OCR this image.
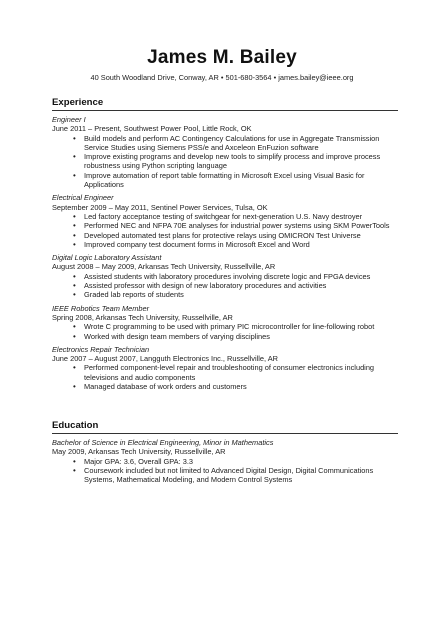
James M. Bailey
40 South Woodland Drive, Conway, AR • 501-680-3564 • james.bailey@ieee.org
Experience
Engineer I
June 2011 – Present, Southwest Power Pool, Little Rock, OK
• Build models and perform AC Contingency Calculations for use in Aggregate Transmission Service Studies using Siemens PSS/e and Axceleon EnFuzion software
• Improve existing programs and develop new tools to simplify process and improve process robustness using Python scripting language
• Improve automation of report table formatting in Microsoft Excel using Visual Basic for Applications
Electrical Engineer
September 2009 – May 2011, Sentinel Power Services, Tulsa, OK
• Led factory acceptance testing of switchgear for next-generation U.S. Navy destroyer
• Performed NEC and NFPA 70E analyses for industrial power systems using SKM PowerTools
• Developed automated test plans for protective relays using OMICRON Test Universe
• Improved company test document forms in Microsoft Excel and Word
Digital Logic Laboratory Assistant
August 2008 – May 2009, Arkansas Tech University, Russellville, AR
• Assisted students with laboratory procedures involving discrete logic and FPGA devices
• Assisted professor with design of new laboratory procedures and activities
• Graded lab reports of students
IEEE Robotics Team Member
Spring 2008, Arkansas Tech University, Russellville, AR
• Wrote C programming to be used with primary PIC microcontroller for line-following robot
• Worked with design team members of varying disciplines
Electronics Repair Technician
June 2007 – August 2007, Langguth Electronics Inc., Russellville, AR
• Performed component-level repair and troubleshooting of consumer electronics including televisions and audio components
• Managed database of work orders and customers
Education
Bachelor of Science in Electrical Engineering, Minor in Mathematics
May 2009, Arkansas Tech University, Russellville, AR
• Major GPA: 3.6, Overall GPA: 3.3
• Coursework included but not limited to Advanced Digital Design, Digital Communications Systems, Mathematical Modeling, and Modern Control Systems
